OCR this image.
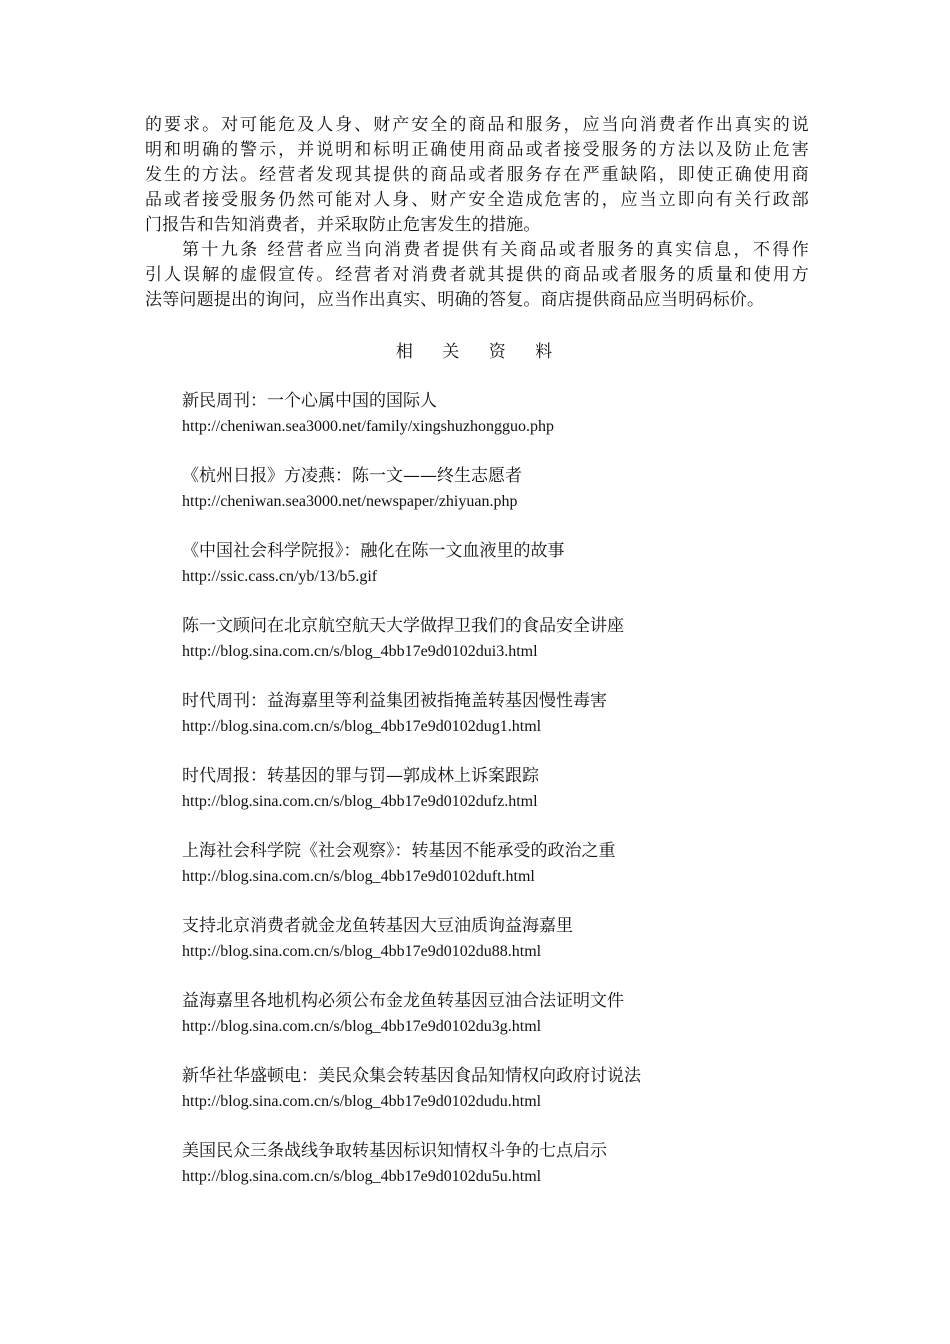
的要求。对可能危及人身、财产安全的商品和服务，应当向消费者作出真实的说
明和明确的警示，并说明和标明正确使用商品或者接受服务的方法以及防止危害
发生的方法。经营者发现其提供的商品或者服务存在严重缺陷，即使正确使用商
品或者接受服务仍然可能对人身、财产安全造成危害的，应当立即向有关行政部
门报告和告知消费者，并采取防止危害发生的措施。
第十九条 经营者应当向消费者提供有关商品或者服务的真实信息，不得作
引人误解的虚假宣传。经营者对消费者就其提供的商品或者服务的质量和使用方
法等问题提出的询问，应当作出真实、明确的答复。商店提供商品应当明码标价。
相 关 资 料
新民周刊：一个心属中国的国际人
http://cheniwan.sea3000.net/family/xingshuzhongguo.php
《杭州日报》方凌燕：陈一文——终生志愿者
http://cheniwan.sea3000.net/newspaper/zhiyuan.php
《中国社会科学院报》：融化在陈一文血液里的故事
http://ssic.cass.cn/yb/13/b5.gif
陈一文顾问在北京航空航天大学做捍卫我们的食品安全讲座
http://blog.sina.com.cn/s/blog_4bb17e9d0102dui3.html
时代周刊：益海嘉里等利益集团被指掩盖转基因慢性毒害
http://blog.sina.com.cn/s/blog_4bb17e9d0102dug1.html
时代周报：转基因的罪与罚—郭成林上诉案跟踪
http://blog.sina.com.cn/s/blog_4bb17e9d0102dufz.html
上海社会科学院《社会观察》：转基因不能承受的政治之重
http://blog.sina.com.cn/s/blog_4bb17e9d0102duft.html
支持北京消费者就金龙鱼转基因大豆油质询益海嘉里
http://blog.sina.com.cn/s/blog_4bb17e9d0102du88.html
益海嘉里各地机构必须公布金龙鱼转基因豆油合法证明文件
http://blog.sina.com.cn/s/blog_4bb17e9d0102du3g.html
新华社华盛顿电：美民众集会转基因食品知情权向政府讨说法
http://blog.sina.com.cn/s/blog_4bb17e9d0102dudu.html
美国民众三条战线争取转基因标识知情权斗争的七点启示
http://blog.sina.com.cn/s/blog_4bb17e9d0102du5u.html
